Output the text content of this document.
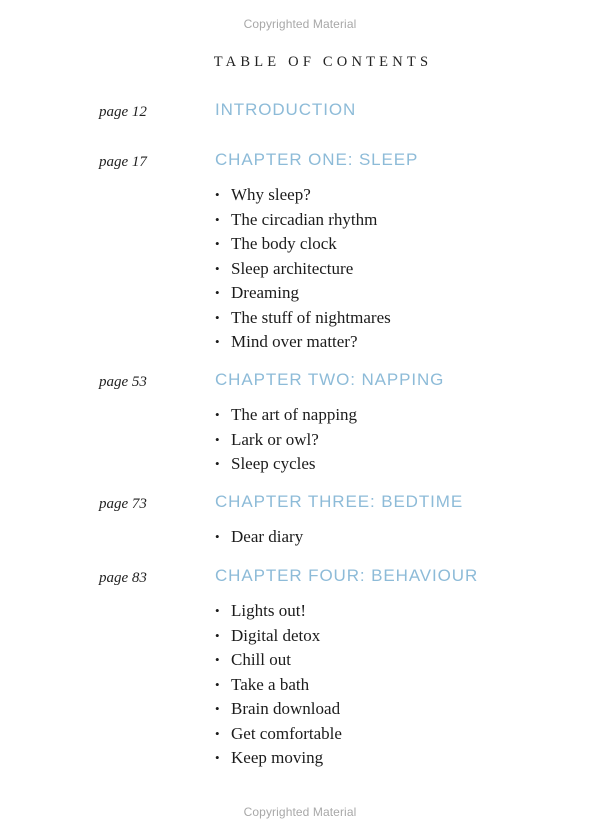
Copyrighted Material
TABLE OF CONTENTS
page 12	INTRODUCTION
page 17	CHAPTER ONE: SLEEP
• Why sleep?
• The circadian rhythm
• The body clock
• Sleep architecture
• Dreaming
• The stuff of nightmares
• Mind over matter?
page 53	CHAPTER TWO: NAPPING
• The art of napping
• Lark or owl?
• Sleep cycles
page 73	CHAPTER THREE: BEDTIME
• Dear diary
page 83	CHAPTER FOUR: BEHAVIOUR
• Lights out!
• Digital detox
• Chill out
• Take a bath
• Brain download
• Get comfortable
• Keep moving
Copyrighted Material
